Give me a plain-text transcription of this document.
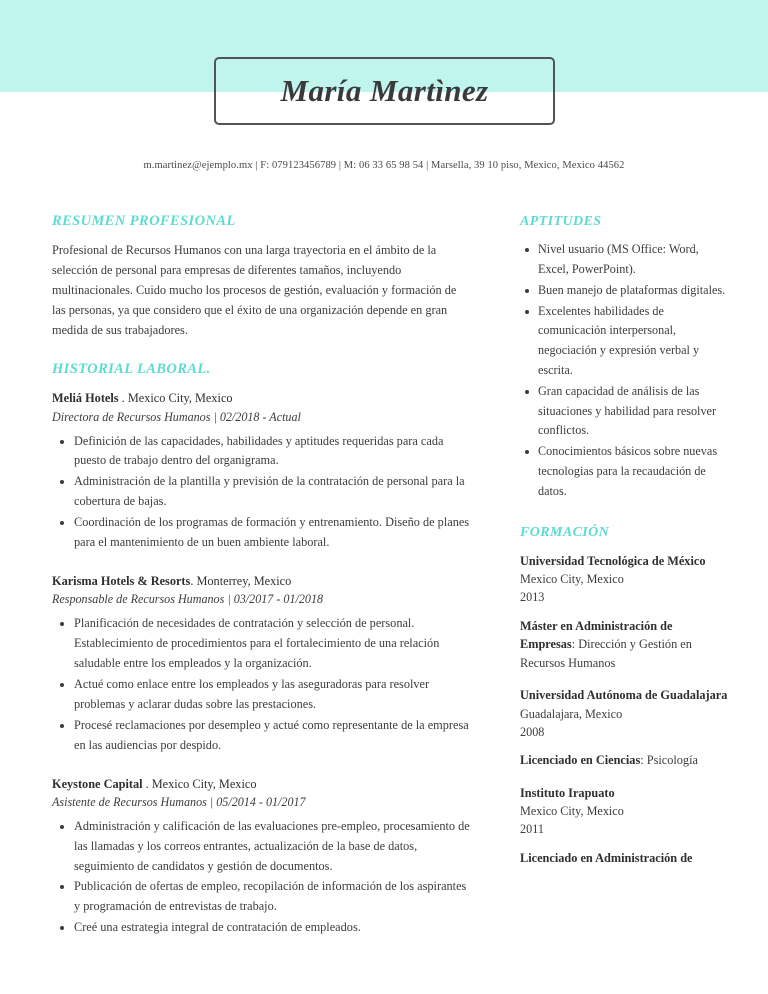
María Martìnez
m.martinez@ejemplo.mx | F: 079123456789 | M: 06 33 65 98 54 | Marsella, 39 10 piso, Mexico, Mexico 44562
RESUMEN PROFESIONAL

Profesional de Recursos Humanos con una larga trayectoria en el ámbito de la selección de personal para empresas de diferentes tamaños, incluyendo multinacionales. Cuido mucho los procesos de gestión, evaluación y formación de las personas, ya que considero que el éxito de una organización depende en gran medida de sus trabajadores.

HISTORIAL LABORAL.
Meliá Hotels . Mexico City, Mexico
Directora de Recursos Humanos | 02/2018 - Actual
Definición de las capacidades, habilidades y aptitudes requeridas para cada puesto de trabajo dentro del organigrama.
Administración de la plantilla y previsión de la contratación de personal para la cobertura de bajas.
Coordinación de los programas de formación y entrenamiento. Diseño de planes para el mantenimiento de un buen ambiente laboral.
Karisma Hotels & Resorts. Monterrey, Mexico
Responsable de Recursos Humanos | 03/2017 - 01/2018
Planificación de necesidades de contratación y selección de personal. Establecimiento de procedimientos para el fortalecimiento de una relación saludable entre los empleados y la organización.
Actué como enlace entre los empleados y las aseguradoras para resolver problemas y aclarar dudas sobre las prestaciones.
Procesé reclamaciones por desempleo y actué como representante de la empresa en las audiencias por despido.
Keystone Capital . Mexico City, Mexico
Asistente de Recursos Humanos | 05/2014 - 01/2017
Administración y calificación de las evaluaciones pre-empleo, procesamiento de las llamadas y los correos entrantes, actualización de la base de datos, seguimiento de candidatos y gestión de documentos.
Publicación de ofertas de empleo, recopilación de información de los aspirantes y programación de entrevistas de trabajo.
Creé una estrategia integral de contratación de empleados.
APTITUDES
Nivel usuario (MS Office: Word, Excel, PowerPoint).
Buen manejo de plataformas digitales.
Excelentes habilidades de comunicación interpersonal, negociación y expresión verbal y escrita.
Gran capacidad de análisis de las situaciones y habilidad para resolver conflictos.
Conocimientos básicos sobre nuevas tecnologias para la recaudación de datos.
FORMACIÓN
Universidad Tecnológica de México
Mexico City, Mexico
2013
Máster en Administración de Empresas: Dirección y Gestión en Recursos Humanos
Universidad Autónoma de Guadalajara
Guadalajara, Mexico
2008
Licenciado en Ciencias: Psicología
Instituto Irapuato
Mexico City, Mexico
2011
Licenciado en Administración de
